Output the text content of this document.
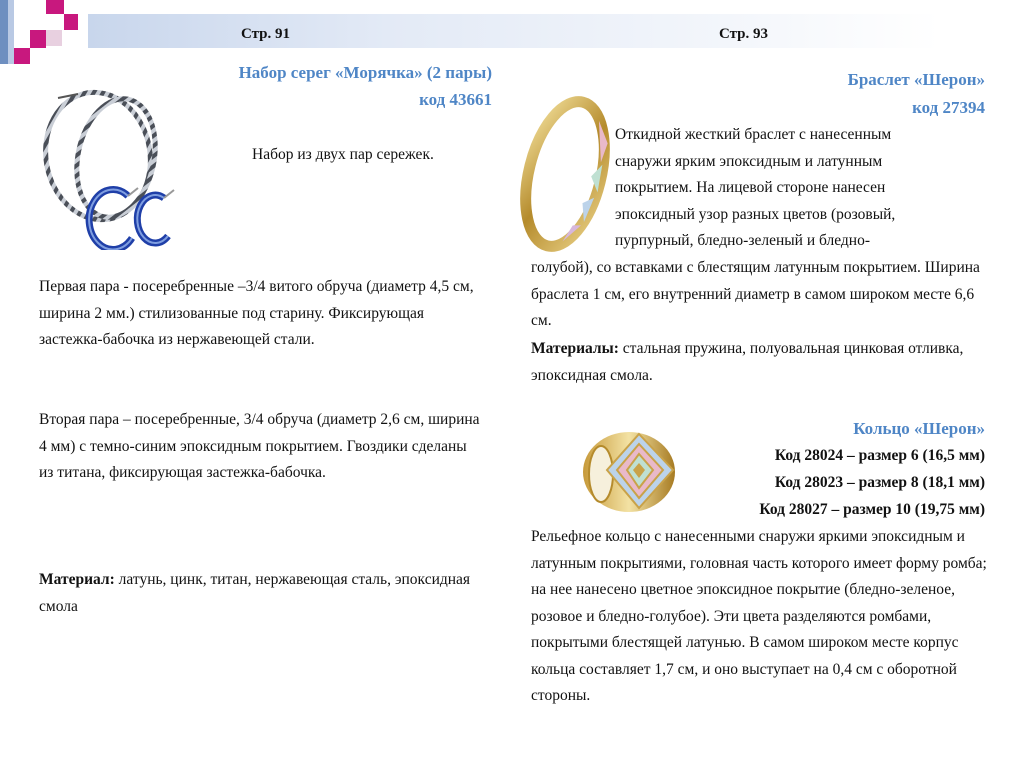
Стр. 91	Стр. 93
Набор серег «Морячка» (2 пары)
код 43661
Набор из двух пар сережек.
Первая пара - посеребренные –3/4 витого обруча (диаметр 4,5 см, ширина 2 мм.) стилизованные под старину. Фиксирующая застежка-бабочка из нержавеющей стали.
Вторая пара – посеребренные, 3/4 обруча (диаметр 2,6 см, ширина 4 мм) с темно-синим эпоксидным покрытием. Гвоздики сделаны из титана, фиксирующая застежка-бабочка.
Материал: латунь, цинк, титан, нержавеющая сталь, эпоксидная смола
Браслет «Шерон»
код 27394

Откидной жесткий браслет с нанесенным

снаружи ярким эпоксидным и латунным

покрытием. На лицевой стороне нанесен

эпоксидный узор разных цветов (розовый,

пурпурный, бледно-зеленый и бледно-

голубой), со вставками с блестящим латунным покрытием. Ширина браслета 1 см, его внутренний диаметр в самом широком месте 6,6 см.
Материалы: стальная пружина, полуовальная цинковая отливка, эпоксидная смола.
Кольцо «Шерон»
Код 28024 – размер 6 (16,5 мм)
Код 28023 – размер 8 (18,1 мм)
Код 28027 – размер 10 (19,75 мм)
Рельефное кольцо с нанесенными снаружи яркими эпоксидным и латунным покрытиями, головная часть которого имеет форму ромба; на нее нанесено цветное эпоксидное покрытие (бледно-зеленое, розовое и бледно-голубое). Эти цвета разделяются ромбами, покрытыми блестящей латунью. В самом широком месте корпус кольца составляет 1,7 см, и оно выступает на 0,4 см с оборотной стороны.
